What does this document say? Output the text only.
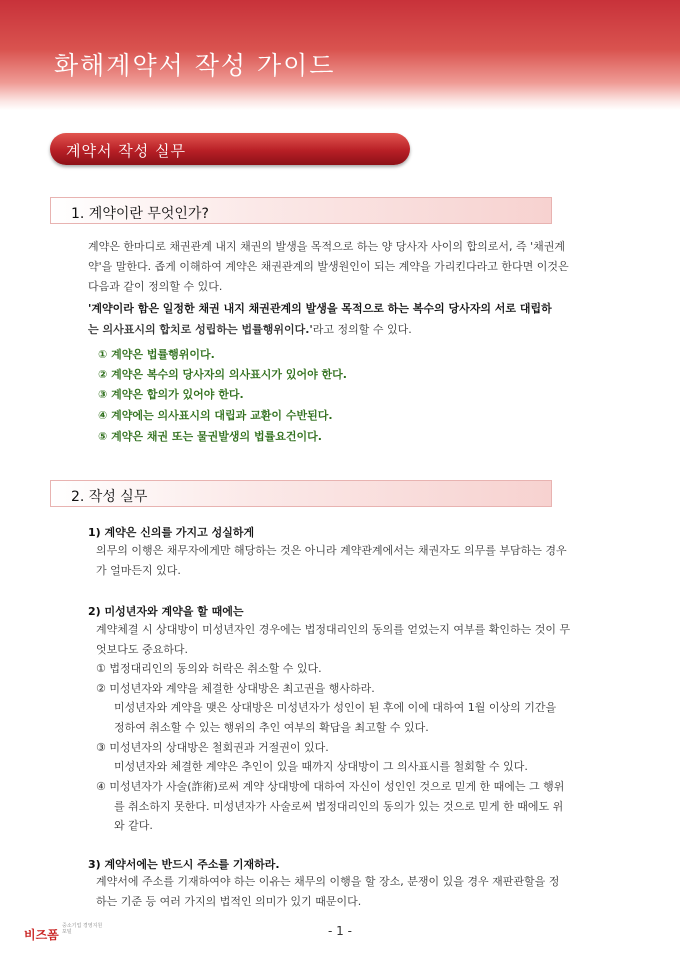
화해계약서 작성 가이드
계약서 작성 실무
1. 계약이란 무엇인가?

계약은 한마디로 채권관계 내지 채권의 발생을 목적으로 하는 양 당사자 사이의 합의로서, 즉 '채권계

약'을 말한다. 좁게 이해하여 계약은 채권관계의 발생원인이 되는 계약을 가리킨다라고 한다면 이것은

다음과 같이 정의할 수 있다.

'계약이라 함은 일정한 채권 내지 채권관계의 발생을 목적으로 하는 복수의 당사자의 서로 대립하

는 의사표시의 합치로 성립하는 법률행위이다.'라고 정의할 수 있다.

① 계약은 법률행위이다.

② 계약은 복수의 당사자의 의사표시가 있어야 한다.

③ 계약은 합의가 있어야 한다.

④ 계약에는 의사표시의 대립과 교환이 수반된다.

⑤ 계약은 채권 또는 물권발생의 법률요건이다.

2. 작성 실무

1) 계약은 신의를 가지고 성실하게

의무의 이행은 채무자에게만 해당하는 것은 아니라 계약관계에서는 채권자도 의무를 부담하는 경우

가 얼마든지 있다.

2) 미성년자와 계약을 할 때에는

계약체결 시 상대방이 미성년자인 경우에는 법정대리인의 동의를 얻었는지 여부를 확인하는 것이 무

엇보다도 중요하다.

① 법정대리인의 동의와 허락은 취소할 수 있다.

② 미성년자와 계약을 체결한 상대방은 최고권을 행사하라.

미성년자와 계약을 맺은 상대방은 미성년자가 성인이 된 후에 이에 대하여 1월 이상의 기간을

정하여 취소할 수 있는 행위의 추인 여부의 확답을 최고할 수 있다.

③ 미성년자의 상대방은 철회권과 거절권이 있다.

미성년자와 체결한 계약은 추인이 있을 때까지 상대방이 그 의사표시를 철회할 수 있다.

④ 미성년자가 사술(詐術)로써 계약 상대방에 대하여 자신이 성인인 것으로 믿게 한 때에는 그 행위

를 취소하지 못한다. 미성년자가 사술로써 법정대리인의 동의가 있는 것으로 믿게 한 때에도 위

와 같다.

3) 계약서에는 반드시 주소를 기재하라.

계약서에 주소를 기재하여야 하는 이유는 채무의 이행을 할 장소, 분쟁이 있을 경우 재판관할을 정

하는 기준 등 여러 가지의 법적인 의미가 있기 때문이다.

비즈폼
중소기업 경영지원 포털	- 1 -
